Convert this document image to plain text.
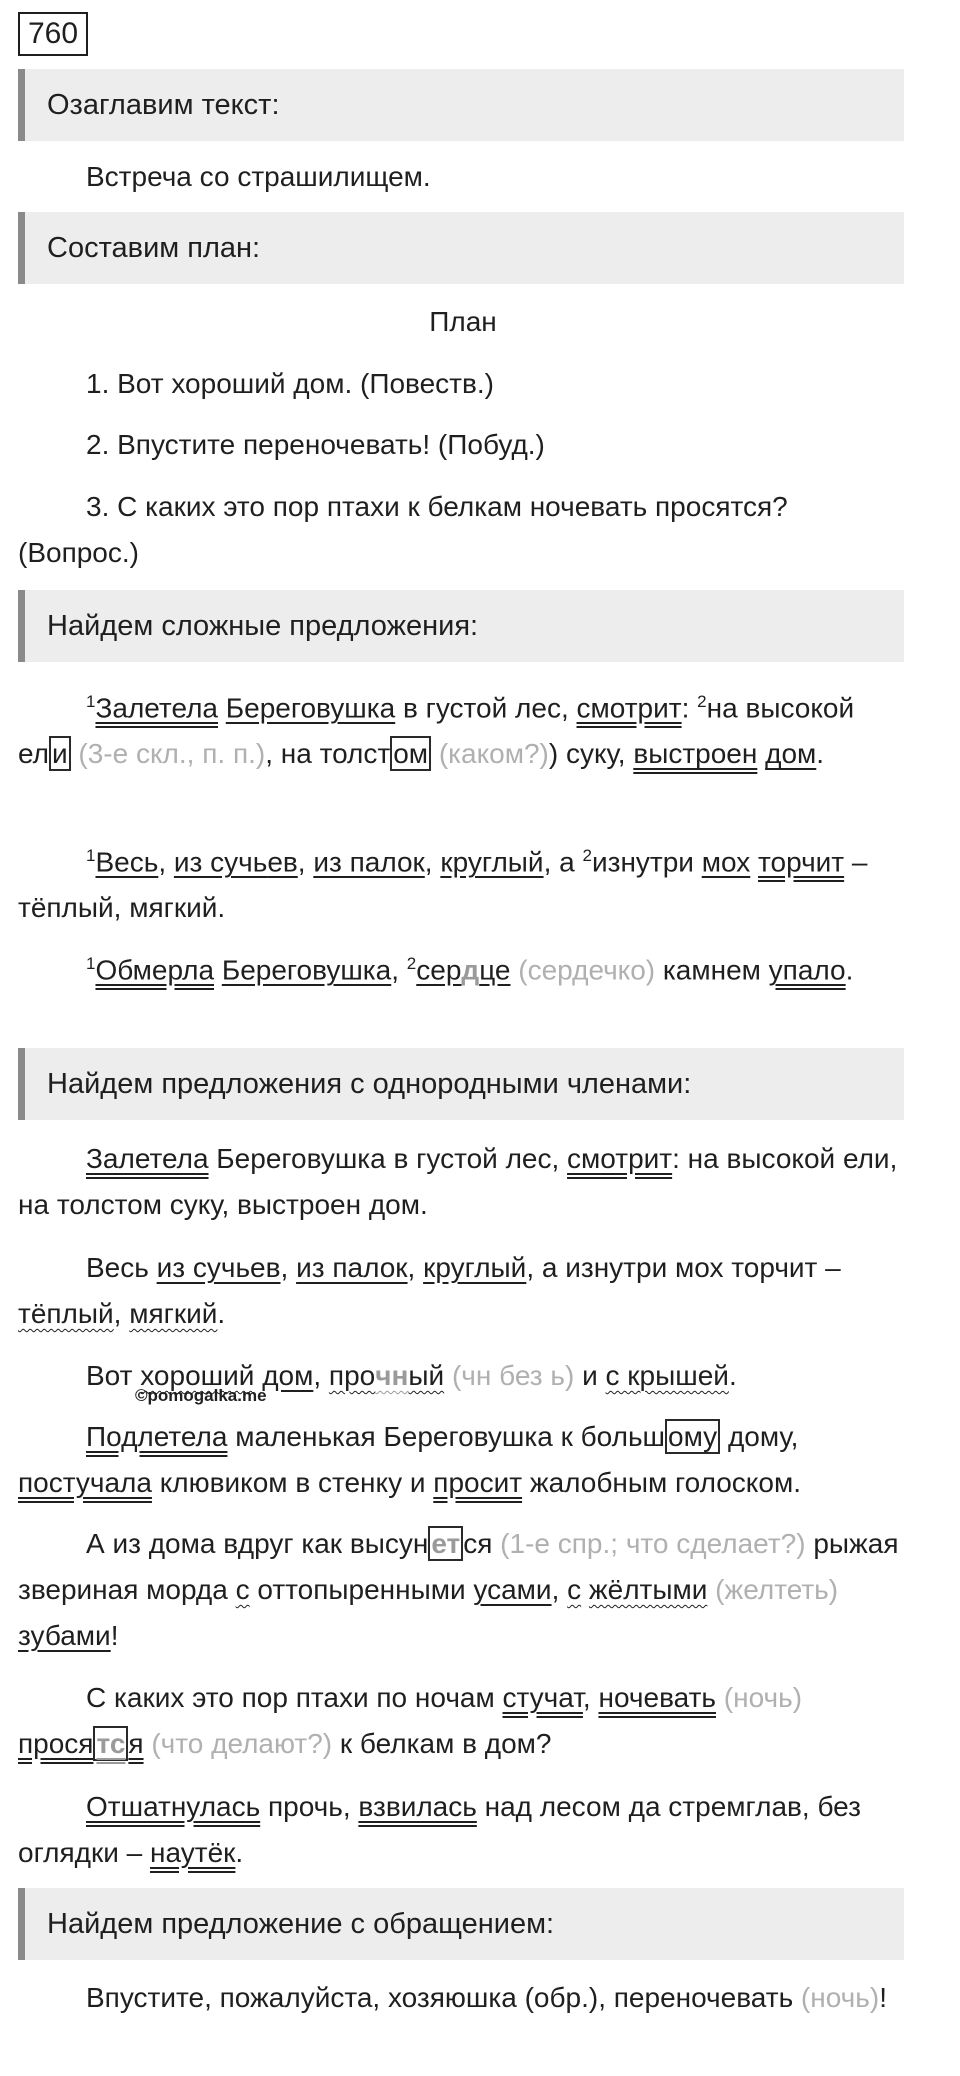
760
Озаглавим текст:
Встреча со страшилищем.
Составим план:
План
1. Вот хороший дом. (Повеств.)
2. Впустите переночевать! (Побуд.)
3. С каких это пор птахи к белкам ночевать просятся? (Вопрос.)
Найдем сложные предложения:
$^1$Залетела Береговушка в густой лес, смотрит: $^2$на высокой ел и (3-е скл., п. п.), на толст ом (каком?)) суку, выстроен дом.
$^1$Весь, из сучьев, из палок, круглый, а $^2$изнутри мох торчит – тёплый, мягкий.
$^1$Обмерла Береговушка, $^2$сердце (сердечко) камнем упало.
Найдем предложения с однородными членами:
Залетела Береговушка в густой лес, смотрит: на высокой ели, на толстом суку, выстроен дом.
Весь из сучьев, из палок, круглый, а изнутри мох торчит – тёплый, мягкий.
Вот хороший дом, прочный (чн без ь) и с крышей.
©pomogalka.me
Подлетела маленькая Береговушка к больш ому дому, постучала клювиком в стенку и просит жалобным голоском.
А из дома вдруг как высун ет ся (1-е спр.; что сделает?) рыжая звериная морда с оттопыренными усами, с жёлтыми (желтеть) зубами!
С каких это пор птахи по ночам стучат, ночевать (ночь) прося тс я (что делают?) к белкам в дом?
Отшатнулась прочь, взвилась над лесом да стремглав, без оглядки – наутёк.
Найдем предложение с обращением:
Впустите, пожалуйста, хозяюшка (обр.), переночевать (ночь)!
